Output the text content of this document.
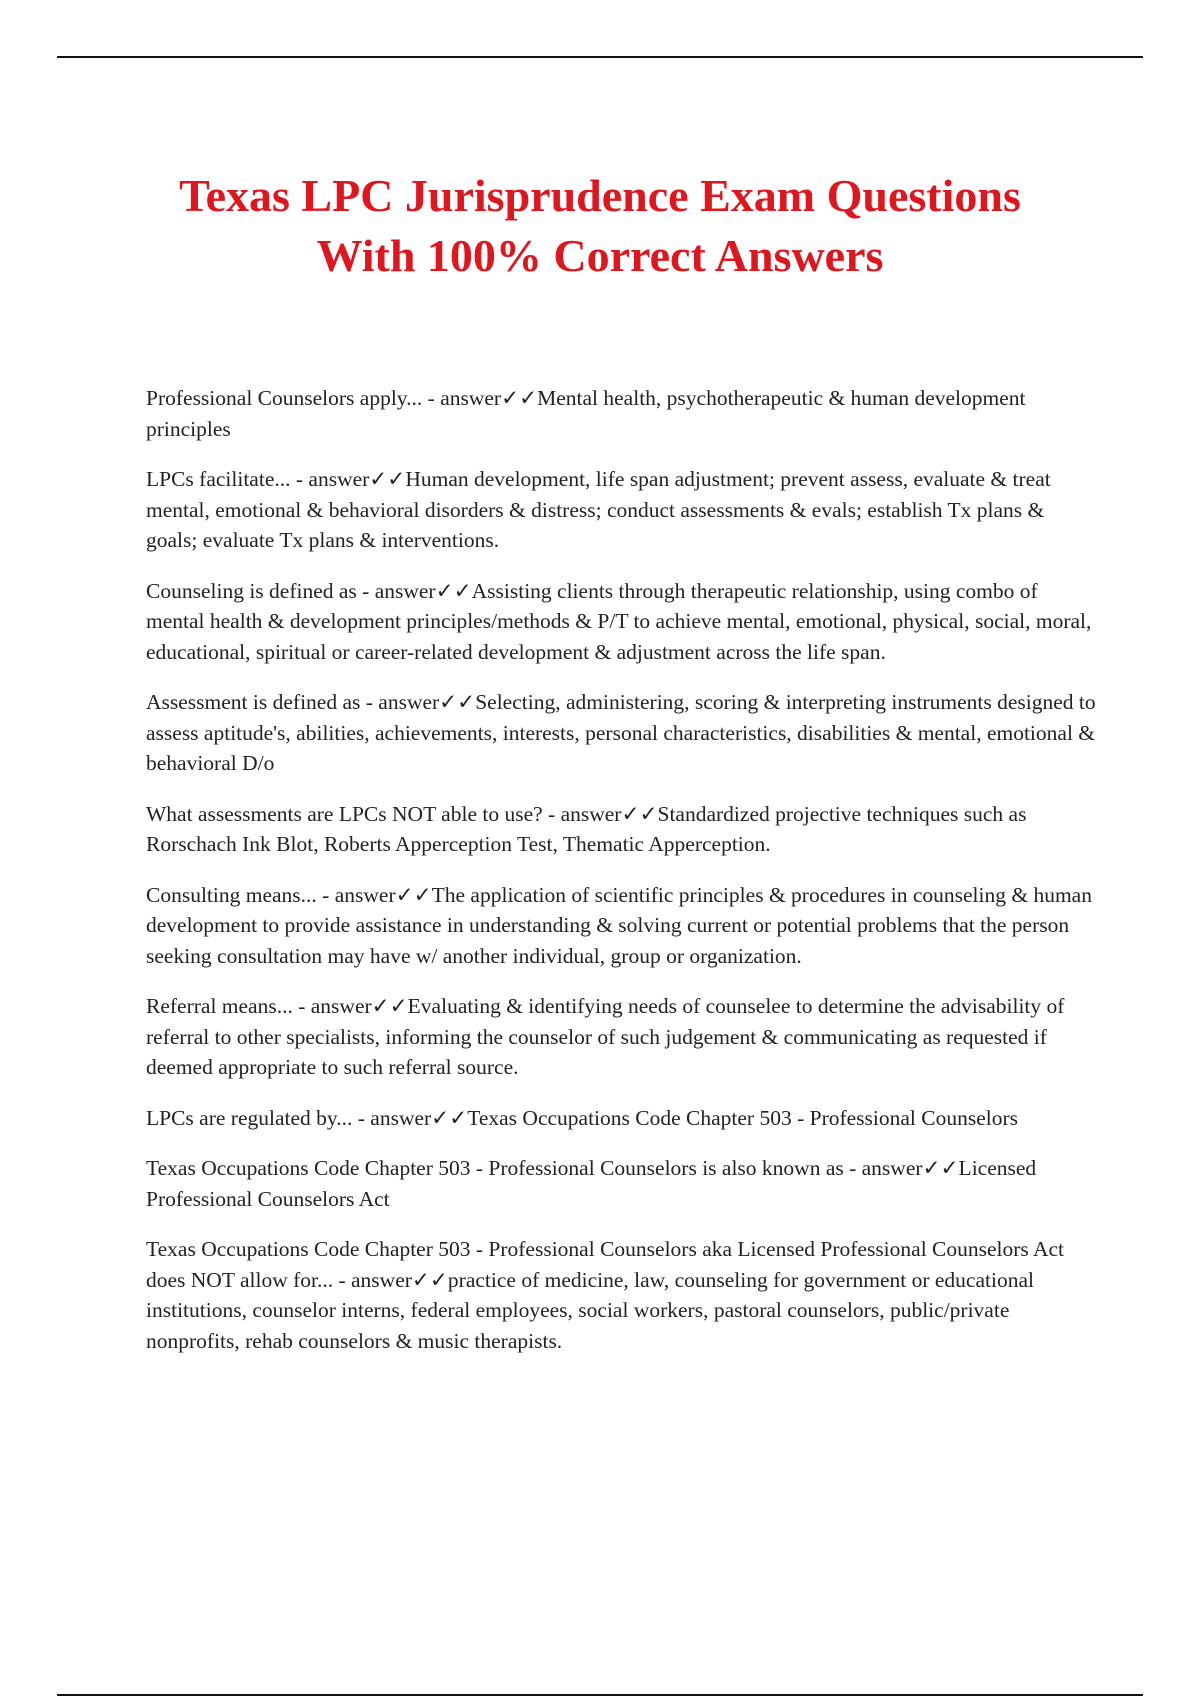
Texas LPC Jurisprudence Exam Questions
With 100% Correct Answers

Professional Counselors apply... - answer✓✓Mental health, psychotherapeutic & human development principles

LPCs facilitate... - answer✓✓Human development, life span adjustment; prevent assess, evaluate & treat mental, emotional & behavioral disorders & distress; conduct assessments & evals; establish Tx plans & goals; evaluate Tx plans & interventions.

Counseling is defined as - answer✓✓Assisting clients through therapeutic relationship, using combo of mental health & development principles/methods & P/T to achieve mental, emotional, physical, social, moral, educational, spiritual or career-related development & adjustment across the life span.

Assessment is defined as - answer✓✓Selecting, administering, scoring & interpreting instruments designed to assess aptitude's, abilities, achievements, interests, personal characteristics, disabilities & mental, emotional & behavioral D/o

What assessments are LPCs NOT able to use? - answer✓✓Standardized projective techniques such as Rorschach Ink Blot, Roberts Apperception Test, Thematic Apperception.

Consulting means... - answer✓✓The application of scientific principles & procedures in counseling & human development to provide assistance in understanding & solving current or potential problems that the person seeking consultation may have w/ another individual, group or organization.

Referral means... - answer✓✓Evaluating & identifying needs of counselee to determine the advisability of referral to other specialists, informing the counselor of such judgement & communicating as requested if deemed appropriate to such referral source.

LPCs are regulated by... - answer✓✓Texas Occupations Code Chapter 503 - Professional Counselors

Texas Occupations Code Chapter 503 - Professional Counselors is also known as - answer✓✓Licensed Professional Counselors Act

Texas Occupations Code Chapter 503 - Professional Counselors aka Licensed Professional Counselors Act does NOT allow for... - answer✓✓practice of medicine, law, counseling for government or educational institutions, counselor interns, federal employees, social workers, pastoral counselors, public/private nonprofits, rehab counselors & music therapists.
